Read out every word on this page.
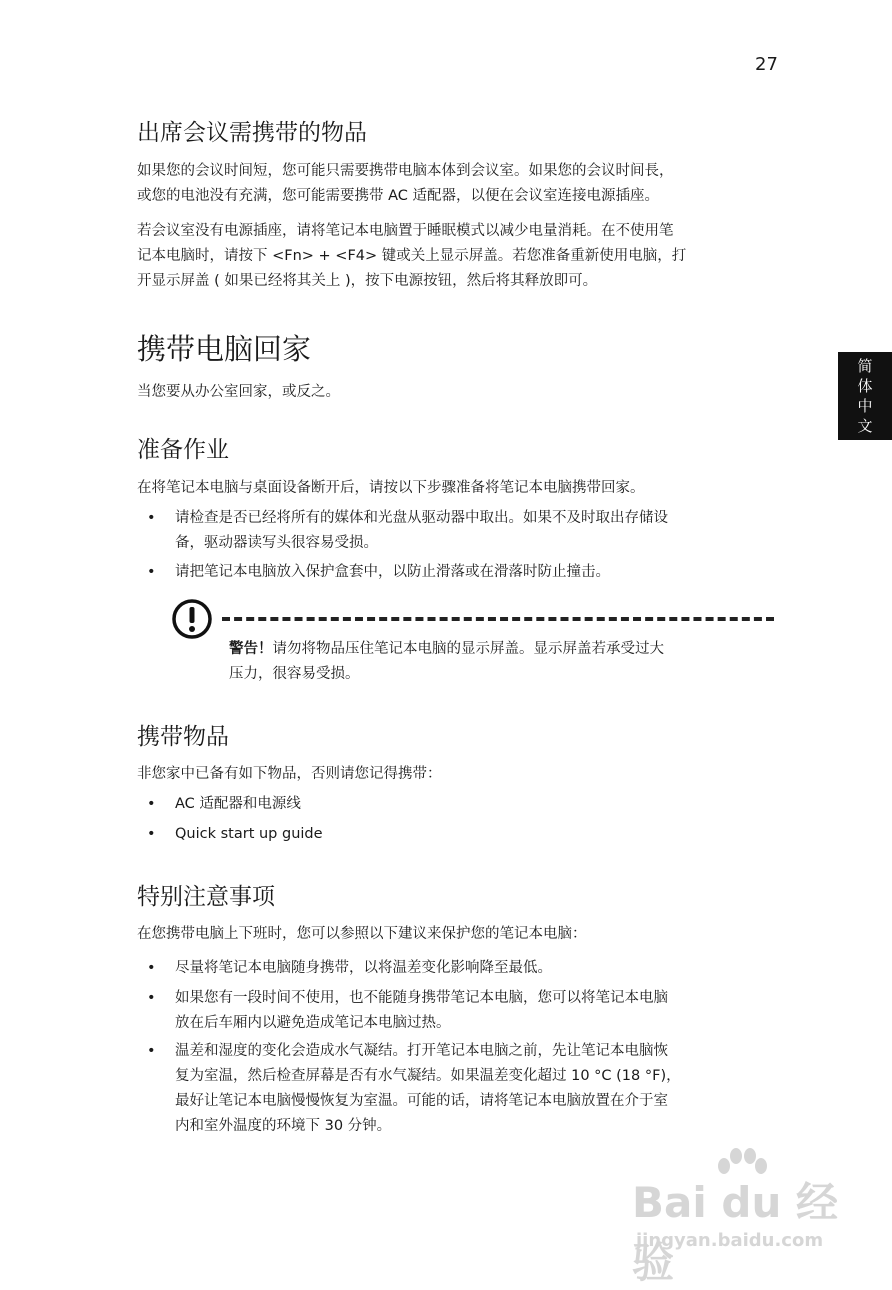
27
简
体
中
文
出席会议需携带的物品

如果您的会议时间短，您可能只需要携带电脑本体到会议室。如果您的会议时间長，

或您的电池没有充满，您可能需要携带 AC 适配器，以便在会议室连接电源插座。

若会议室没有电源插座，请将笔记本电脑置于睡眠模式以减少电量消耗。在不使用笔

记本电脑时，请按下 <Fn> + <F4> 键或关上显示屏盖。若您准备重新使用电脑，打

开显示屏盖 ( 如果已经将其关上 )，按下电源按钮，然后将其释放即可。

携带电脑回家

当您要从办公室回家，或反之。

准备作业

在将笔记本电脑与桌面设备断开后，请按以下步骤准备将笔记本电脑携带回家。

• 请检查是否已经将所有的媒体和光盘从驱动器中取出。如果不及时取出存储设

备，驱动器读写头很容易受损。

• 请把笔记本电脑放入保护盒套中，以防止滑落或在滑落时防止撞击。

警告！请勿将物品压住笔记本电脑的显示屏盖。显示屏盖若承受过大

压力，很容易受损。

携带物品

非您家中已备有如下物品，否则请您记得携带：

• AC 适配器和电源线

• Quick start up guide

特别注意事项

在您携带电脑上下班时，您可以参照以下建议来保护您的笔记本电脑：

• 尽量将笔记本电脑随身携带，以将温差变化影响降至最低。

• 如果您有一段时间不使用，也不能随身携带笔记本电脑，您可以将笔记本电脑

放在后车厢内以避免造成笔记本电脑过热。

• 温差和湿度的变化会造成水气凝结。打开笔记本电脑之前，先让笔记本电脑恢

复为室温，然后检查屏幕是否有水气凝结。如果温差变化超过 10 °C (18 °F)，

最好让笔记本电脑慢慢恢复为室温。可能的话，请将笔记本电脑放置在介于室

内和室外温度的环境下 30 分钟。

Bai du 经验
jingyan.baidu.com
